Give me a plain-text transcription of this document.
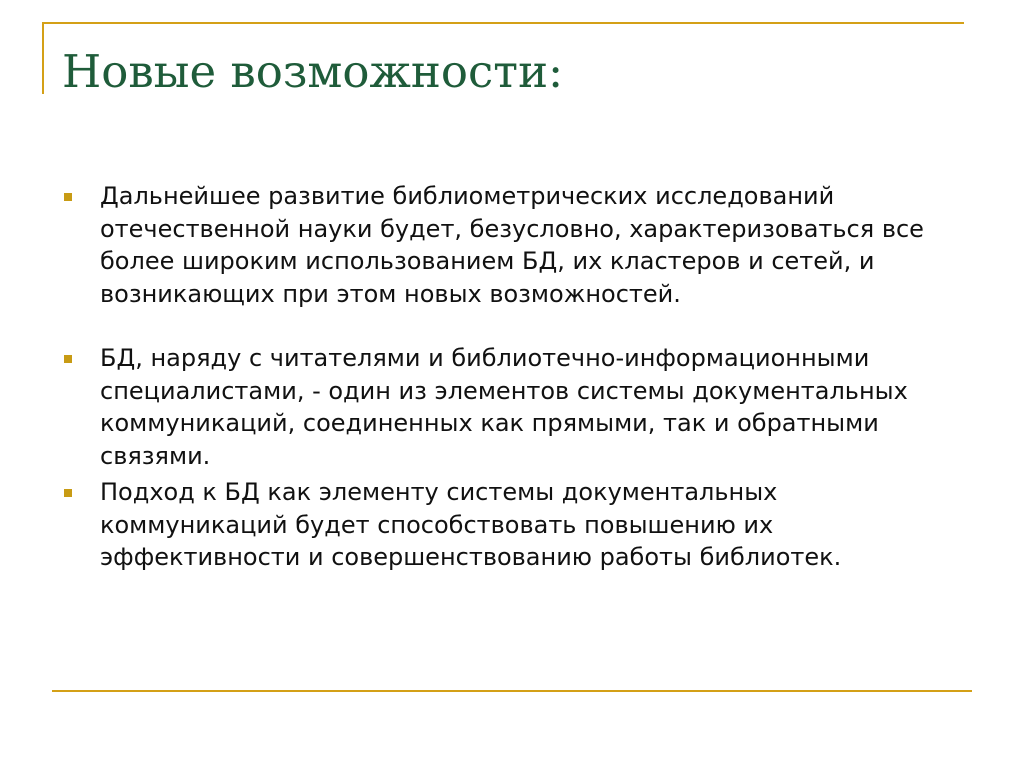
Новые возможности:
Дальнейшее развитие библиометрических исследований отечественной науки будет, безусловно, характеризоваться все более широким использованием БД, их кластеров и сетей, и возникающих при этом новых возможностей.
БД, наряду с читателями и библиотечно-информационными специалистами, - один из элементов системы документальных коммуникаций, соединенных как прямыми, так и обратными связями.
Подход к БД как элементу системы документальных коммуникаций будет способствовать повышению их эффективности и совершенствованию работы библиотек.
